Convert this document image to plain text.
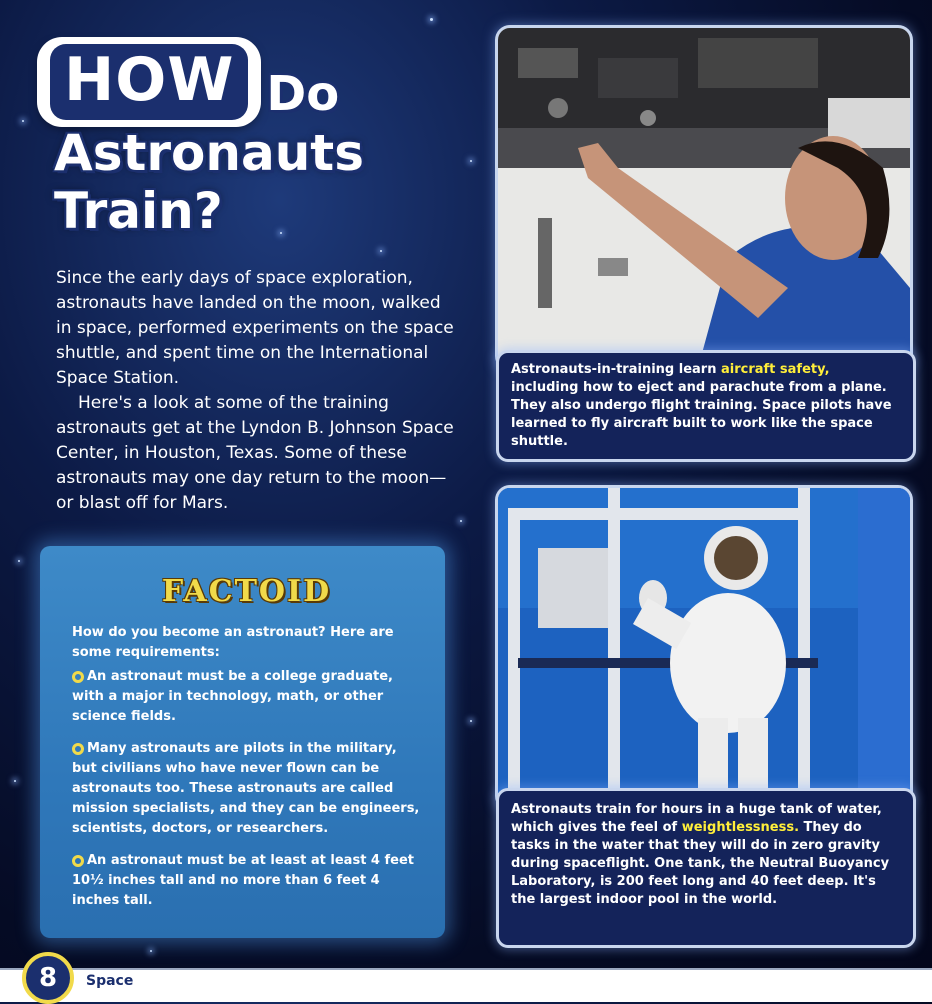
HOW Do
Astronauts
Train?

Since the early days of space exploration, astronauts have landed on the moon, walked in space, performed experiments on the space shuttle, and spent time on the International Space Station.

Here's a look at some of the training astronauts get at the Lyndon B. Johnson Space Center, in Houston, Texas. Some of these astronauts may one day return to the moon—or blast off for Mars.

FACTOID

How do you become an astronaut? Here are some requirements:

An astronaut must be a college graduate, with a major in technology, math, or other science fields.
Many astronauts are pilots in the military, but civilians who have never flown can be astronauts too. These astronauts are called mission specialists, and they can be engineers, scientists, doctors, or researchers.
An astronaut must be at least at least 4 feet 10½ inches tall and no more than 6 feet 4 inches tall.
Astronauts-in-training learn aircraft safety, including how to eject and parachute from a plane. They also undergo flight training. Space pilots have learned to fly aircraft built to work like the space shuttle.
Astronauts train for hours in a huge tank of water, which gives the feel of weightlessness. They do tasks in the water that they will do in zero gravity during spaceflight. One tank, the Neutral Buoyancy Laboratory, is 200 feet long and 40 feet deep. It's the largest indoor pool in the world.
8	Space
